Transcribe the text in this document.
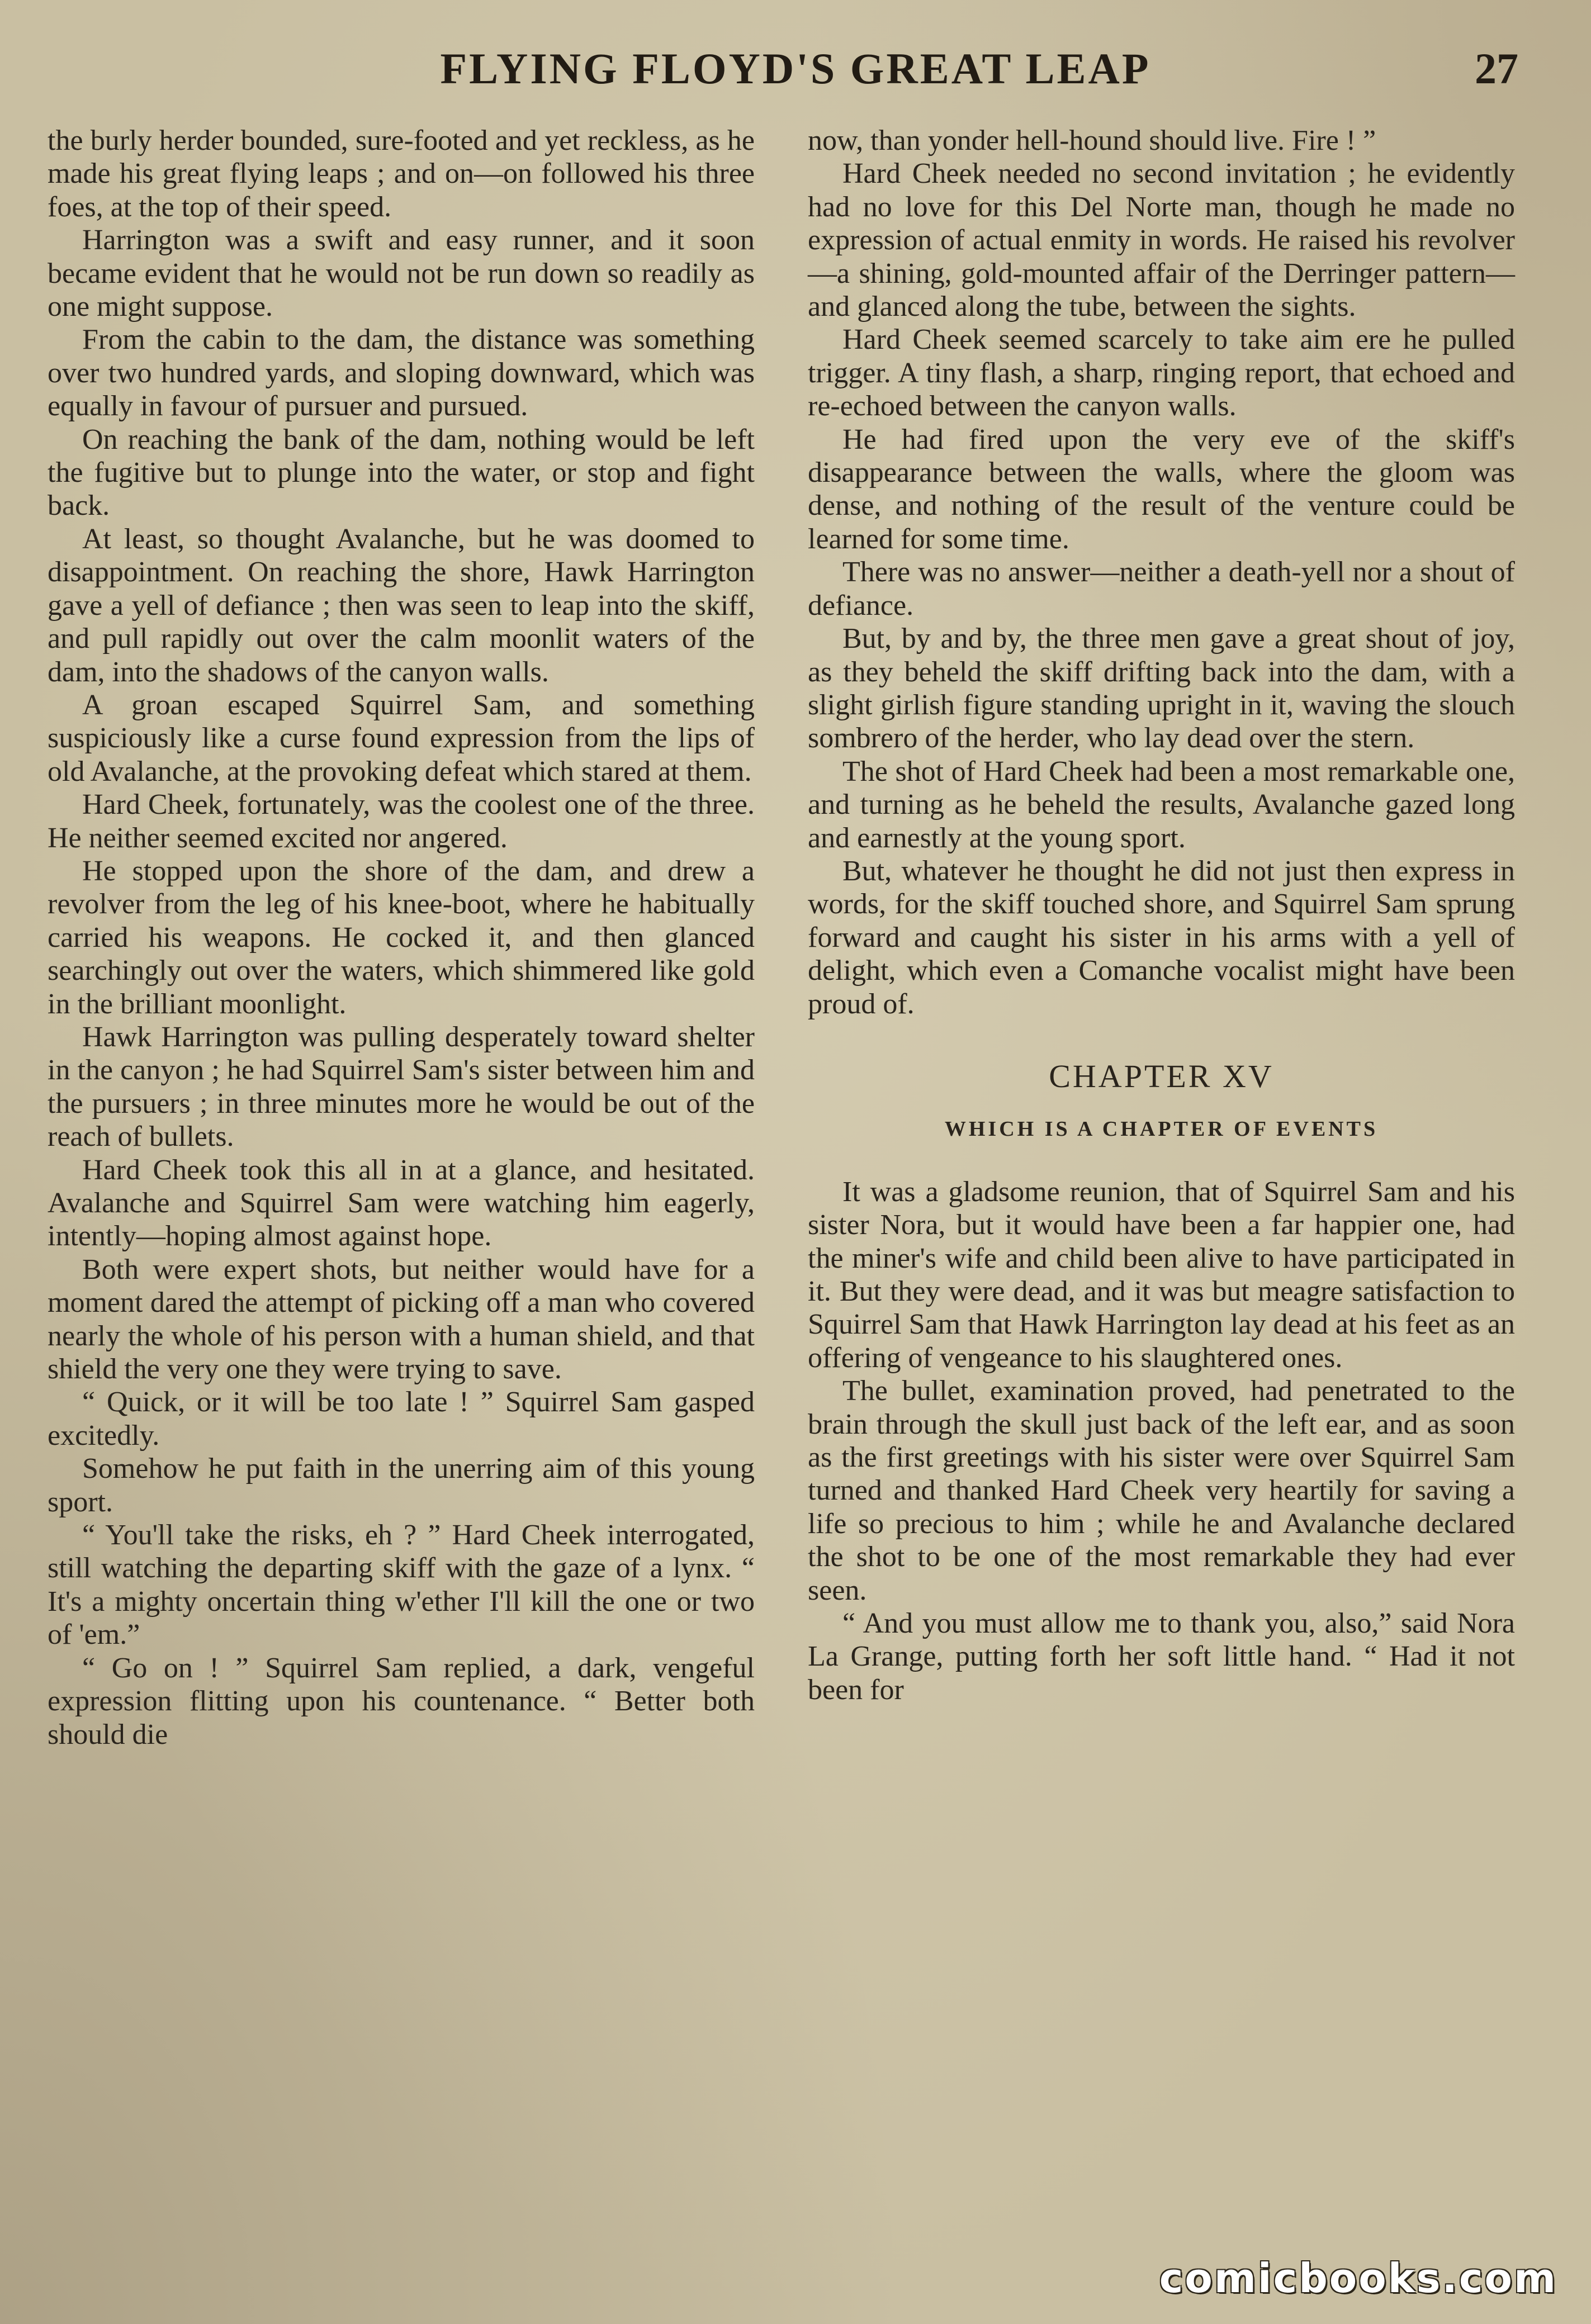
FLYING FLOYD'S GREAT LEAP	27

the burly herder bounded, sure-footed and yet reckless, as he made his great flying leaps ; and on—on followed his three foes, at the top of their speed.

Harrington was a swift and easy runner, and it soon became evident that he would not be run down so readily as one might suppose.

From the cabin to the dam, the distance was something over two hundred yards, and sloping downward, which was equally in favour of pursuer and pursued.

On reaching the bank of the dam, nothing would be left the fugitive but to plunge into the water, or stop and fight back.

At least, so thought Avalanche, but he was doomed to disappointment. On reaching the shore, Hawk Harrington gave a yell of defiance ; then was seen to leap into the skiff, and pull rapidly out over the calm moonlit waters of the dam, into the shadows of the canyon walls.

A groan escaped Squirrel Sam, and something suspiciously like a curse found expression from the lips of old Avalanche, at the provoking defeat which stared at them.

Hard Cheek, fortunately, was the coolest one of the three. He neither seemed excited nor angered.

He stopped upon the shore of the dam, and drew a revolver from the leg of his knee-boot, where he habitually carried his weapons. He cocked it, and then glanced searchingly out over the waters, which shimmered like gold in the brilliant moonlight.

Hawk Harrington was pulling desperately toward shelter in the canyon ; he had Squirrel Sam's sister between him and the pursuers ; in three minutes more he would be out of the reach of bullets.

Hard Cheek took this all in at a glance, and hesitated. Avalanche and Squirrel Sam were watching him eagerly, intently—hoping almost against hope.

Both were expert shots, but neither would have for a moment dared the attempt of picking off a man who covered nearly the whole of his person with a human shield, and that shield the very one they were trying to save.

“ Quick, or it will be too late ! ” Squirrel Sam gasped excitedly.

Somehow he put faith in the unerring aim of this young sport.

“ You'll take the risks, eh ? ” Hard Cheek interrogated, still watching the departing skiff with the gaze of a lynx. “ It's a mighty oncertain thing w'ether I'll kill the one or two of 'em.”

“ Go on ! ” Squirrel Sam replied, a dark, vengeful expression flitting upon his countenance. “ Better both should die

now, than yonder hell-hound should live. Fire ! ”

Hard Cheek needed no second invitation ; he evidently had no love for this Del Norte man, though he made no expression of actual enmity in words. He raised his revolver—a shining, gold-mounted affair of the Derringer pattern—and glanced along the tube, between the sights.

Hard Cheek seemed scarcely to take aim ere he pulled trigger. A tiny flash, a sharp, ringing report, that echoed and re-echoed between the canyon walls.

He had fired upon the very eve of the skiff's disappearance between the walls, where the gloom was dense, and nothing of the result of the venture could be learned for some time.

There was no answer—neither a death-yell nor a shout of defiance.

But, by and by, the three men gave a great shout of joy, as they beheld the skiff drifting back into the dam, with a slight girlish figure standing upright in it, waving the slouch sombrero of the herder, who lay dead over the stern.

The shot of Hard Cheek had been a most remarkable one, and turning as he beheld the results, Avalanche gazed long and earnestly at the young sport.

But, whatever he thought he did not just then express in words, for the skiff touched shore, and Squirrel Sam sprung forward and caught his sister in his arms with a yell of delight, which even a Comanche vocalist might have been proud of.

CHAPTER XV
WHICH IS A CHAPTER OF EVENTS

It was a gladsome reunion, that of Squirrel Sam and his sister Nora, but it would have been a far happier one, had the miner's wife and child been alive to have participated in it. But they were dead, and it was but meagre satisfaction to Squirrel Sam that Hawk Harrington lay dead at his feet as an offering of vengeance to his slaughtered ones.

The bullet, examination proved, had penetrated to the brain through the skull just back of the left ear, and as soon as the first greetings with his sister were over Squirrel Sam turned and thanked Hard Cheek very heartily for saving a life so precious to him ; while he and Avalanche declared the shot to be one of the most remarkable they had ever seen.

“ And you must allow me to thank you, also,” said Nora La Grange, putting forth her soft little hand. “ Had it not been for

comicbooks.com
